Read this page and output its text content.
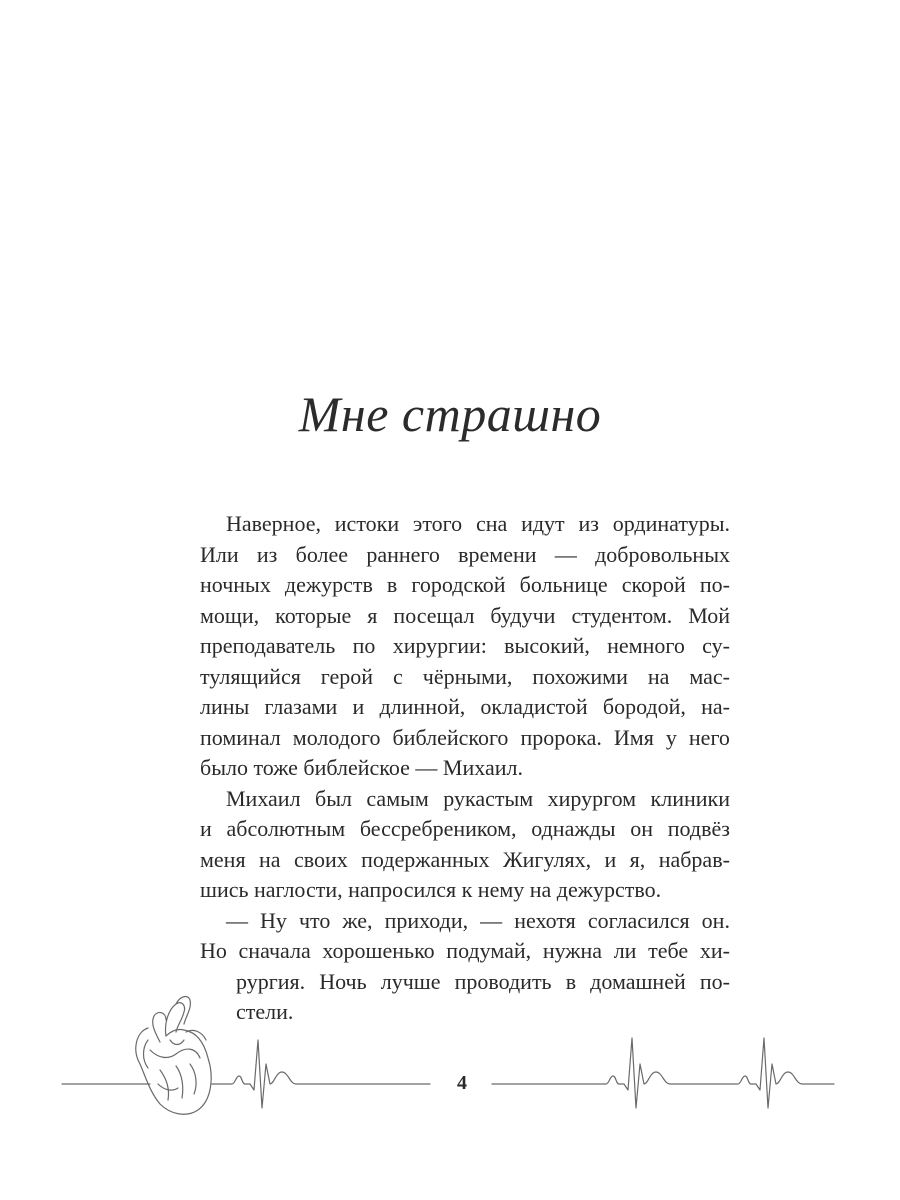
Мне страшно
Наверное, истоки этого сна идут из ординатуры.
Или из более раннего времени — добровольных
ночных дежурств в городской больнице скорой по-
мощи, которые я посещал будучи студентом. Мой
преподаватель по хирургии: высокий, немного су-
тулящийся герой с чёрными, похожими на мас-
лины глазами и длинной, окладистой бородой, на-
поминал молодого библейского пророка. Имя у него
было тоже библейское — Михаил.
Михаил был самым рукастым хирургом клиники
и абсолютным бессребреником, однажды он подвёз
меня на своих подержанных Жигулях, и я, набрав-
шись наглости, напросился к нему на дежурство.
— Ну что же, приходи, — нехотя согласился он.
Но сначала хорошенько подумай, нужна ли тебе хи-
рургия. Ночь лучше проводить в домашней по-
стели.
4
